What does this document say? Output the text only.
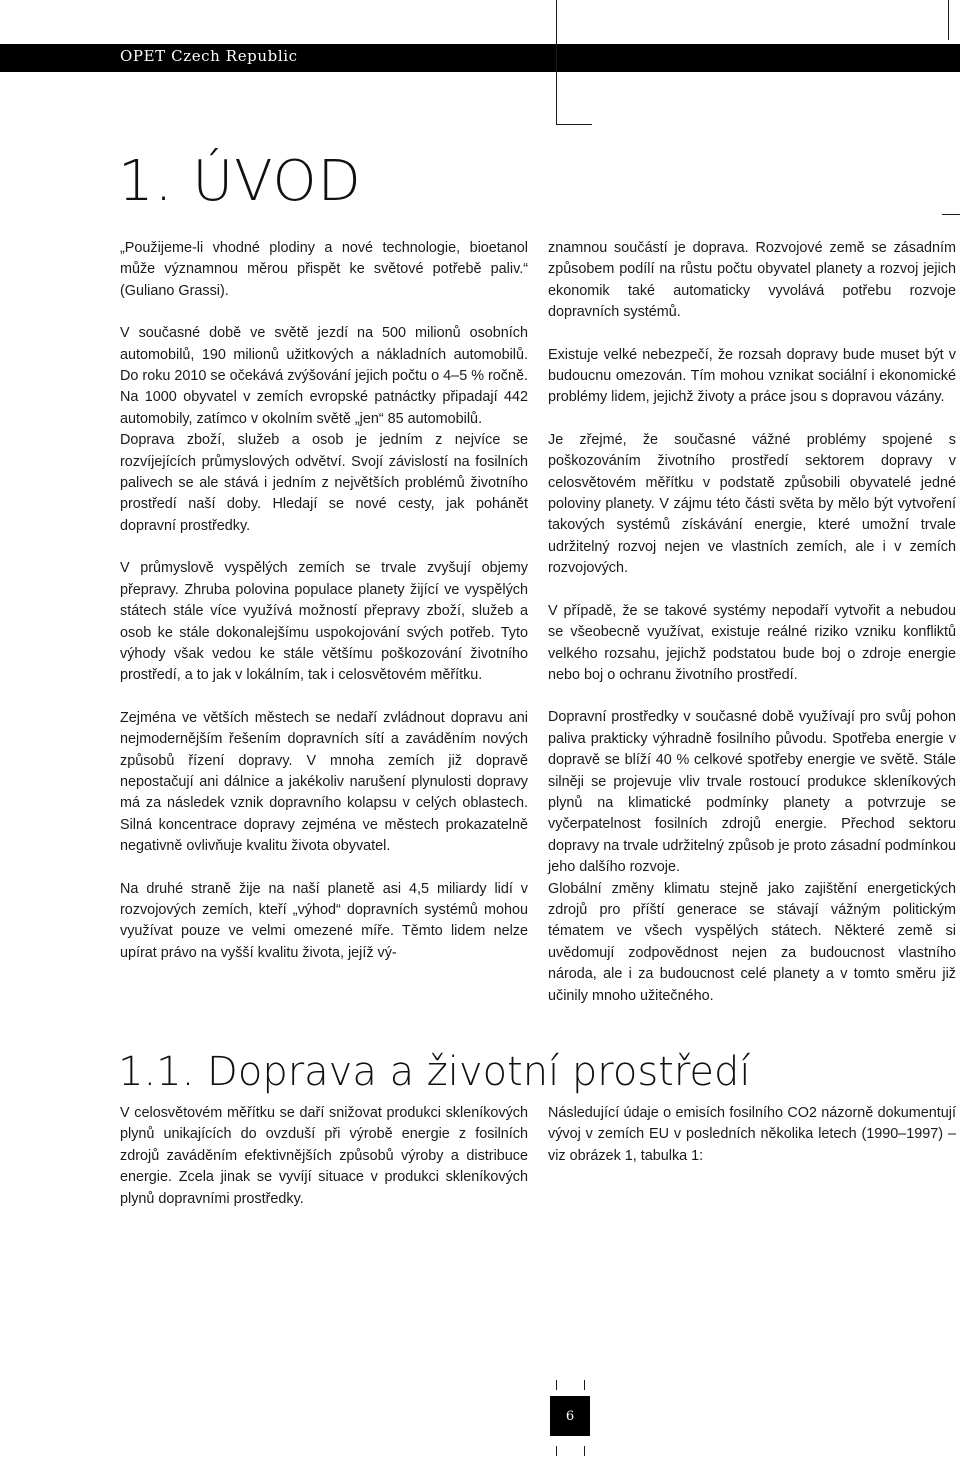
OPET Czech Republic
1. ÚVOD

„Použijeme-li vhodné plodiny a nové technologie, bioetanol může významnou měrou přispět ke světové potřebě paliv.“ (Guliano Grassi).

V současné době ve světě jezdí na 500 milionů osobních automobilů, 190 milionů užitkových a nákladních automobilů. Do roku 2010 se očekává zvýšování jejich počtu o 4–5 % ročně. Na 1000 obyvatel v zemích evropské patnáctky připadají 442 automobily, zatímco v okolním světě „jen“ 85 automobilů.

Doprava zboží, služeb a osob je jedním z nejvíce se rozvíjejících průmyslových odvětví. Svojí závislostí na fosilních palivech se ale stává i jedním z největších problémů životního prostředí naší doby. Hledají se nové cesty, jak pohánět dopravní prostředky.

V průmyslově vyspělých zemích se trvale zvyšují objemy přepravy. Zhruba polovina populace planety žijící ve vyspělých státech stále více využívá možností přepravy zboží, služeb a osob ke stále dokonalejšímu uspokojování svých potřeb. Tyto výhody však vedou ke stále většímu poškozování životního prostředí, a to jak v lokálním, tak i celosvětovém měřítku.

Zejména ve větších městech se nedaří zvládnout dopravu ani nejmodernějším řešením dopravních sítí a zaváděním nových způsobů řízení dopravy. V mnoha zemích již dopravě nepostačují ani dálnice a jakékoliv narušení plynulosti dopravy má za následek vznik dopravního kolapsu v celých oblastech. Silná koncentrace dopravy zejména ve městech prokazatelně negativně ovlivňuje kvalitu života obyvatel.

Na druhé straně žije na naší planetě asi 4,5 miliardy lidí v rozvojových zemích, kteří „výhod“ dopravních systémů mohou využívat pouze ve velmi omezené míře. Těmto lidem nelze upírat právo na vyšší kvalitu života, jejíž vý-

znamnou součástí je doprava. Rozvojové země se zásadním způsobem podílí na růstu počtu obyvatel planety a rozvoj jejich ekonomik také automaticky vyvolává potřebu rozvoje dopravních systémů.

Existuje velké nebezpečí, že rozsah dopravy bude muset být v budoucnu omezován. Tím mohou vznikat sociální i ekonomické problémy lidem, jejichž životy a práce jsou s dopravou vázány.

Je zřejmé, že současné vážné problémy spojené s poškozováním životního prostředí sektorem dopravy v celosvětovém měřítku v podstatě způsobili obyvatelé jedné poloviny planety. V zájmu této části světa by mělo být vytvoření takových systémů získávání energie, které umožní trvale udržitelný rozvoj nejen ve vlastních zemích, ale i v zemích rozvojových.

V případě, že se takové systémy nepodaří vytvořit a nebudou se všeobecně využívat, existuje reálné riziko vzniku konfliktů velkého rozsahu, jejichž podstatou bude boj o zdroje energie nebo boj o ochranu životního prostředí.

Dopravní prostředky v současné době využívají pro svůj pohon paliva prakticky výhradně fosilního původu. Spotřeba energie v dopravě se blíží 40 % celkové spotřeby energie ve světě. Stále silněji se projevuje vliv trvale rostoucí produkce skleníkových plynů na klimatické podmínky planety a potvrzuje se vyčerpatelnost fosilních zdrojů energie. Přechod sektoru dopravy na trvale udržitelný způsob je proto zásadní podmínkou jeho dalšího rozvoje.

Globální změny klimatu stejně jako zajištění energetických zdrojů pro příští generace se stávají vážným politickým tématem ve všech vyspělých státech. Některé země si uvědomují zodpovědnost nejen za budoucnost vlastního národa, ale i za budoucnost celé planety a v tomto směru již učinily mnoho užitečného.

1.1. Doprava a životní prostředí

V celosvětovém měřítku se daří snižovat produkci skleníkových plynů unikajících do ovzduší při výrobě energie z fosilních zdrojů zaváděním efektivnějších způsobů výroby a distribuce energie. Zcela jinak se vyvíjí situace v produkci skleníkových plynů dopravními prostředky.

Následující údaje o emisích fosilního CO2 názorně dokumentují vývoj v zemích EU v posledních několika letech (1990–1997) – viz obrázek 1, tabulka 1:

6
